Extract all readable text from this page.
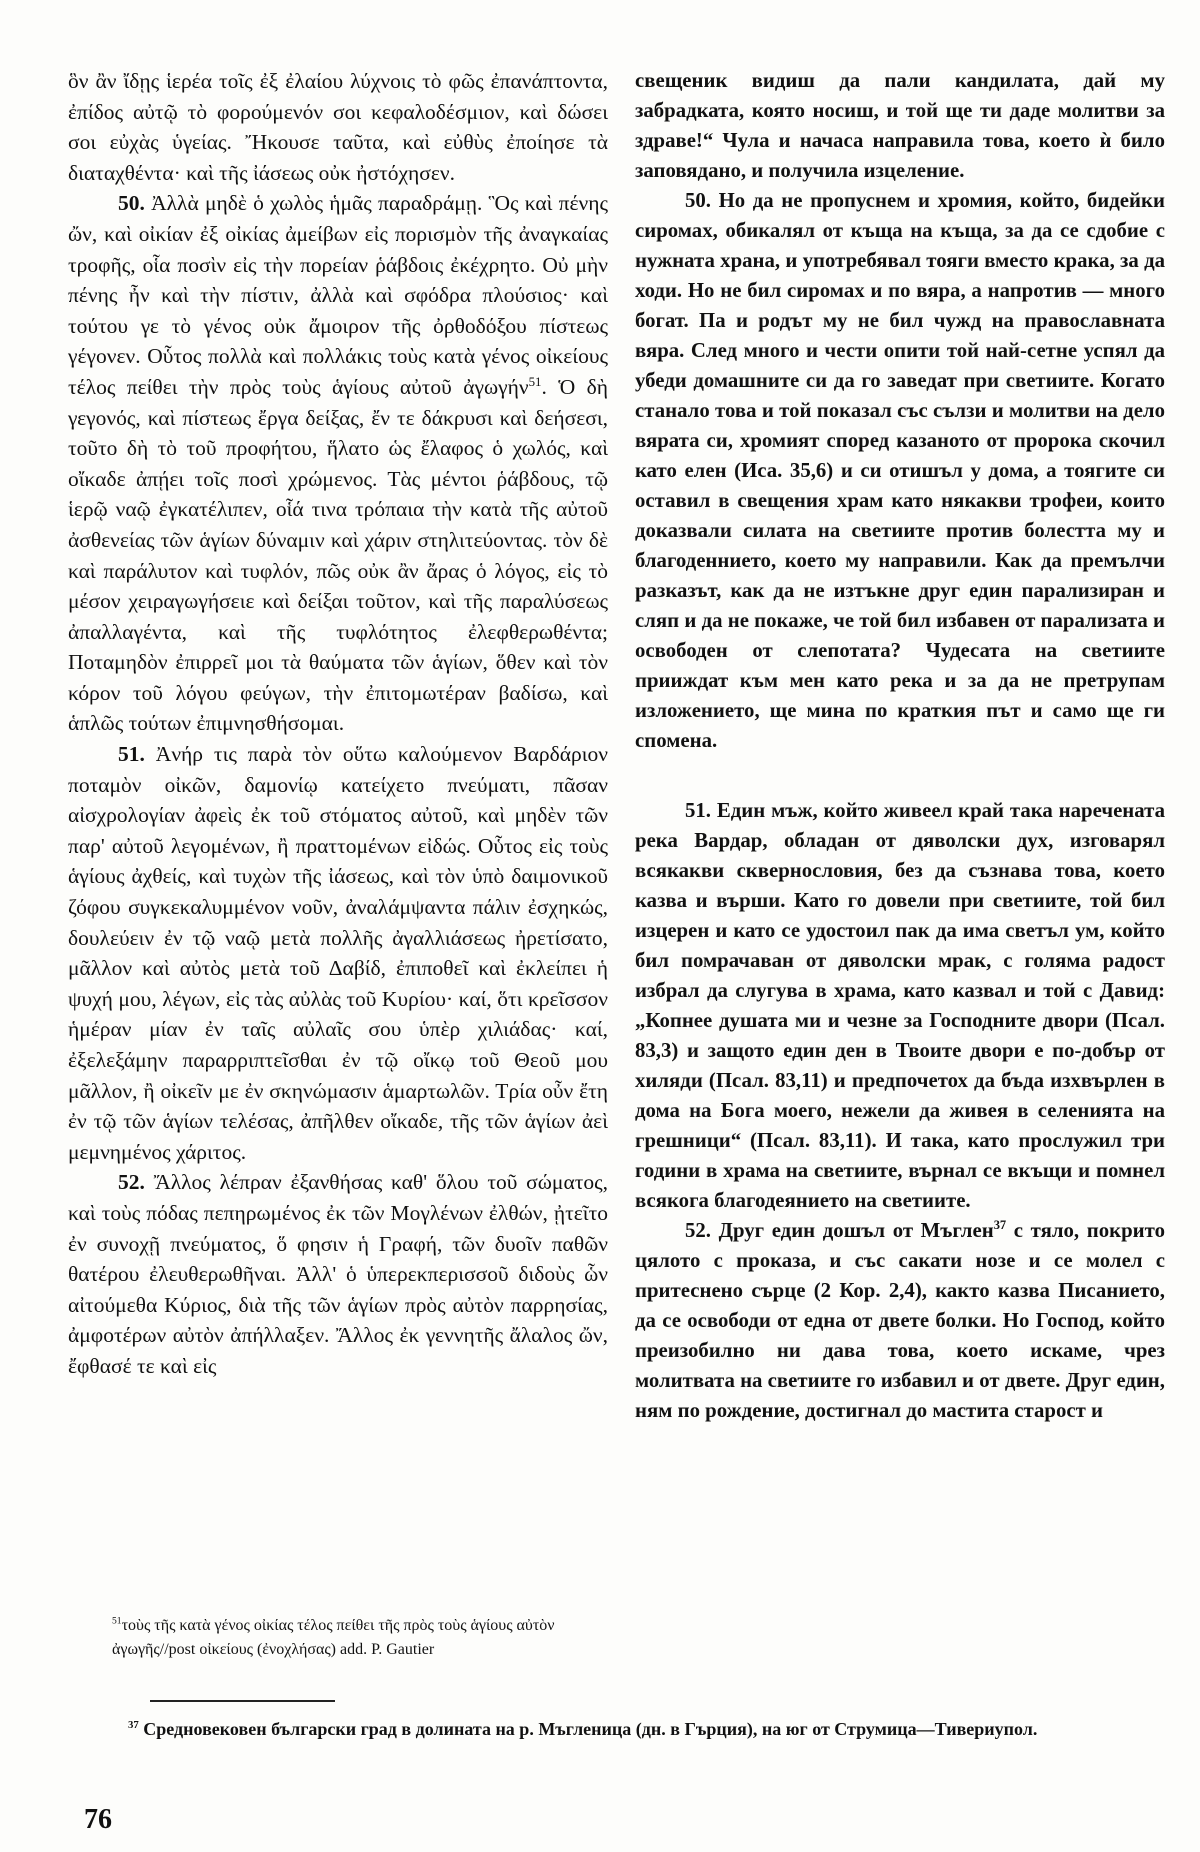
ὃν ἂν ἴδῃς ἱερέα τοῖς ἐξ ἐλαίου λύχνοις τὸ φῶς ἐπανάπτοντα, ἐπίδος αὐτῷ τὸ φορούμενόν σοι κεφαλοδέσμιον, καὶ δώσει σοι εὐχὰς ὑγείας. Ἤκουσε ταῦτα, καὶ εὐθὺς ἐποίησε τὰ διαταχθέντα· καὶ τῆς ἰάσεως οὐκ ἠστόχησεν.

50. Ἀλλὰ μηδὲ ὁ χωλὸς ἡμᾶς παραδράμῃ. Ὃς καὶ πένης ὤν, καὶ οἰκίαν ἐξ οἰκίας ἀμείβων εἰς πορισμὸν τῆς ἀναγκαίας τροφῆς, οἷα ποσὶν εἰς τὴν πορείαν ῥάβδοις ἐκέχρητο. Οὐ μὴν πένης ἦν καὶ τὴν πίστιν, ἀλλὰ καὶ σφόδρα πλούσιος· καὶ τούτου γε τὸ γένος οὐκ ἄμοιρον τῆς ὀρθοδόξου πίστεως γέγονεν. Οὗτος πολλὰ καὶ πολλάκις τοὺς κατὰ γένος οἰκείους τέλος πείθει τὴν πρὸς τοὺς ἁγίους αὐτοῦ ἀγωγήν$^{51}$. Ὁ δὴ γεγονός, καὶ πίστεως ἔργα δείξας, ἔν τε δάκρυσι καὶ δεήσεσι, τοῦτο δὴ τὸ τοῦ προφήτου, ἥλατο ὡς ἔλαφος ὁ χωλός, καὶ οἴκαδε ἀπῄει τοῖς ποσὶ χρώμενος. Τὰς μέντοι ῥάβδους, τῷ ἱερῷ ναῷ ἐγκατέλιπεν, οἷά τινα τρόπαια τὴν κατὰ τῆς αὐτοῦ ἀσθενείας τῶν ἁγίων δύναμιν καὶ χάριν στηλιτεύοντας. τὸν δὲ καὶ παράλυτον καὶ τυφλόν, πῶς οὐκ ἂν ἄρας ὁ λόγος, εἰς τὸ μέσον χειραγωγήσειε καὶ δείξαι τοῦτον, καὶ τῆς παραλύσεως ἀπαλλαγέντα, καὶ τῆς τυφλότητος ἐλεφθερωθέντα; Ποταμηδὸν ἐπιρρεῖ μοι τὰ θαύματα τῶν ἁγίων, ὅθεν καὶ τὸν κόρον τοῦ λόγου φεύγων, τὴν ἐπιτομωτέραν βαδίσω, καὶ ἁπλῶς τούτων ἐπιμνησθήσομαι.

51. Ἀνήρ τις παρὰ τὸν οὕτω καλούμενον Βαρδάριον ποταμὸν οἰκῶν, δαμονίῳ κατείχετο πνεύματι, πᾶσαν αἰσχρολογίαν ἀφεὶς ἐκ τοῦ στόματος αὐτοῦ, καὶ μηδὲν τῶν παρ' αὐτοῦ λεγομένων, ἢ πραττομένων εἰδώς. Οὗτος εἰς τοὺς ἁγίους ἀχθείς, καὶ τυχὼν τῆς ἰάσεως, καὶ τὸν ὑπὸ δαιμονικοῦ ζόφου συγκεκαλυμμένον νοῦν, ἀναλάμψαντα πάλιν ἐσχηκώς, δουλεύειν ἐν τῷ ναῷ μετὰ πολλῆς ἀγαλλιάσεως ἠρετίσατο, μᾶλλον καὶ αὐτὸς μετὰ τοῦ Δαβίδ, ἐπιποθεῖ καὶ ἐκλείπει ἡ ψυχή μου, λέγων, εἰς τὰς αὐλὰς τοῦ Κυρίου· καί, ὅτι κρεῖσσον ἡμέραν μίαν ἐν ταῖς αὐλαῖς σου ὑπὲρ χιλιάδας· καί, ἐξελεξάμην παραρριπτεῖσθαι ἐν τῷ οἴκῳ τοῦ Θεοῦ μου μᾶλλον, ἢ οἰκεῖν με ἐν σκηνώμασιν ἁμαρτωλῶν. Τρία οὖν ἔτη ἐν τῷ τῶν ἁγίων τελέσας, ἀπῆλθεν οἴκαδε, τῆς τῶν ἁγίων ἀεὶ μεμνημένος χάριτος.

52. Ἄλλος λέπραν ἐξανθήσας καθ' ὅλου τοῦ σώματος, καὶ τοὺς πόδας πεπηρωμένος ἐκ τῶν Μογλένων ἐλθών, ᾐτεῖτο ἐν συνοχῇ πνεύματος, ὅ φησιν ἡ Γραφή, τῶν δυοῖν παθῶν θατέρου ἐλευθερωθῆναι. Ἀλλ' ὁ ὑπερεκπερισσοῦ διδοὺς ὧν αἰτούμεθα Κύριος, διὰ τῆς τῶν ἁγίων πρὸς αὐτὸν παρρησίας, ἀμφοτέρων αὐτὸν ἀπήλλαξεν. Ἄλλος ἐκ γεννητῆς ἄλαλος ὤν, ἔφθασέ τε καὶ εἰς

свещеник видиш да пали кандилата, дай му забрадката, която носиш, и той ще ти даде молитви за здраве!“ Чула и начаса направила това, което ѝ било заповядано, и получила изцеление.

50. Но да не пропуснем и хромия, който, бидейки сиромах, обикалял от къща на къща, за да се сдобие с нужната храна, и употребявал тояги вместо крака, за да ходи. Но не бил сиромах и по вяра, а напротив — много богат. Па и родът му не бил чужд на православната вяра. След много и чести опити той най-сетне успял да убеди домашните си да го заведат при светиите. Когато станало това и той показал със сълзи и молитви на дело вярата си, хромият според казаното от пророка скочил като елен (Иса. 35,6) и си отишъл у дома, а тоягите си оставил в свещения храм като някакви трофеи, които доказвали силата на светиите против болестта му и благоденнието, което му направили. Как да премълчи разказът, как да не изтъкне друг един парализиран и сляп и да не покаже, че той бил избавен от парализата и освободен от слепотата? Чудесата на светиите прииждат към мен като река и за да не претрупам изложението, ще мина по краткия път и само ще ги спомена.

51. Един мъж, който живеел край така наречената река Вардар, обладан от дяволски дух, изговарял всякакви сквернословия, без да съзнава това, което казва и върши. Като го довели при светиите, той бил изцерен и като се удостоил пак да има светъл ум, който бил помрачаван от дяволски мрак, с голяма радост избрал да слугува в храма, като казвал и той с Давид: „Копнее душата ми и чезне за Господните двори (Псал. 83,3) и защото един ден в Твоите двори е по-добър от хиляди (Псал. 83,11) и предпочетох да бъда изхвърлен в дома на Бога моего, нежели да живея в селенията на грешници“ (Псал. 83,11). И така, като прослужил три години в храма на светиите, върнал се вкъщи и помнел всякога благодеянието на светиите.

52. Друг един дошъл от Мъглен$^{37}$ с тяло, покрито цялото с проказа, и със сакати нозе и се молел с притеснено сърце (2 Кор. 2,4), както казва Писанието, да се освободи от една от двете болки. Но Господ, който преизобилно ни дава това, което искаме, чрез молитвата на светиите го избавил и от двете. Друг един, ням по рождение, достигнал до мастита старост и

$^{51}$τοὺς τῆς κατὰ γένος οἰκίας τέλος πείθει τῆς πρὸς τοὺς ἁγίους αὐτὸν ἀγωγῆς//post οἰκείους (ἐνοχλήσας) add. P. Gautier
$^{37}$ Средновековен български град в долината на р. Мъгленица (дн. в Гърция), на юг от Струмица—Тивериупол.
76
